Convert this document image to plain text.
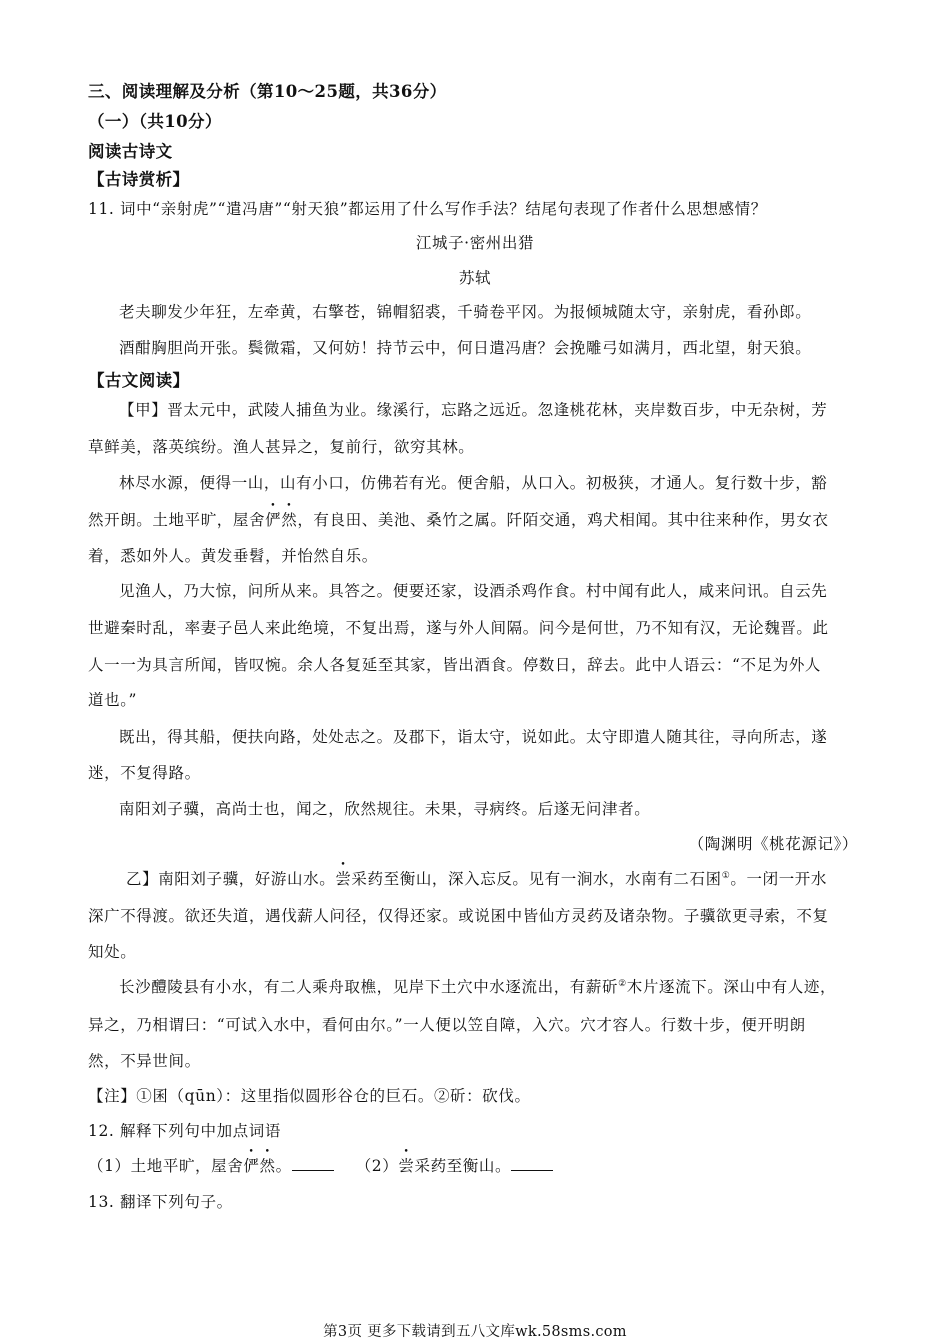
三、阅读理解及分析（第10～25题，共36分）
（一）（共10分）
阅读古诗文
【古诗赏析】
11. 词中“亲射虎”“遣冯唐”“射天狼”都运用了什么写作手法？结尾句表现了作者什么思想感情？
江城子·密州出猎
苏轼
老夫聊发少年狂，左牵黄，右擎苍，锦帽貂裘，千骑卷平冈。为报倾城随太守，亲射虎，看孙郎。
酒酣胸胆尚开张。鬓微霜，又何妨！持节云中，何日遣冯唐？会挽雕弓如满月，西北望，射天狼。
【古文阅读】
【甲】晋太元中，武陵人捕鱼为业。缘溪行，忘路之远近。忽逢桃花林，夹岸数百步，中无杂树，芳
草鲜美，落英缤纷。渔人甚异之，复前行，欲穷其林。
林尽水源，便得一山，山有小口，仿佛若有光。便舍船，从口入。初极狭，才通人。复行数十步，豁
然开朗。土地平旷，屋舍俨然，有良田、美池、桑竹之属。阡陌交通，鸡犬相闻。其中往来种作，男女衣
着，悉如外人。黄发垂髫，并怡然自乐。
见渔人，乃大惊，问所从来。具答之。便要还家，设酒杀鸡作食。村中闻有此人，咸来问讯。自云先
世避秦时乱，率妻子邑人来此绝境，不复出焉，遂与外人间隔。问今是何世，乃不知有汉，无论魏晋。此
人一一为具言所闻，皆叹惋。余人各复延至其家，皆出酒食。停数日，辞去。此中人语云：“不足为外人
道也。”
既出，得其船，便扶向路，处处志之。及郡下，诣太守，说如此。太守即遣人随其往，寻向所志，遂
迷，不复得路。
南阳刘子骥，高尚士也，闻之，欣然规往。未果，寻病终。后遂无问津者。
（陶渊明《桃花源记》）
乙】南阳刘子骥，好游山水。尝采药至衡山，深入忘反。见有一涧水，水南有二石囷①。一闭一开水
深广不得渡。欲还失道，遇伐薪人问径，仅得还家。或说囷中皆仙方灵药及诸杂物。子骥欲更寻索，不复
知处。
长沙醴陵县有小水，有二人乘舟取樵，见岸下土穴中水逐流出，有薪斫②木片逐流下。深山中有人迹，
异之，乃相谓曰：“可试入水中，看何由尔。”一人便以笠自障，入穴。穴才容人。行数十步，便开明朗
然，不异世间。
【注】①囷（qūn）：这里指似圆形谷仓的巨石。②斫：砍伐。
12. 解释下列句中加点词语
（1）土地平旷，屋舍俨然。	（2）尝采药至衡山。
13. 翻译下列句子。
第3页 更多下载请到五八文库wk.58sms.com
